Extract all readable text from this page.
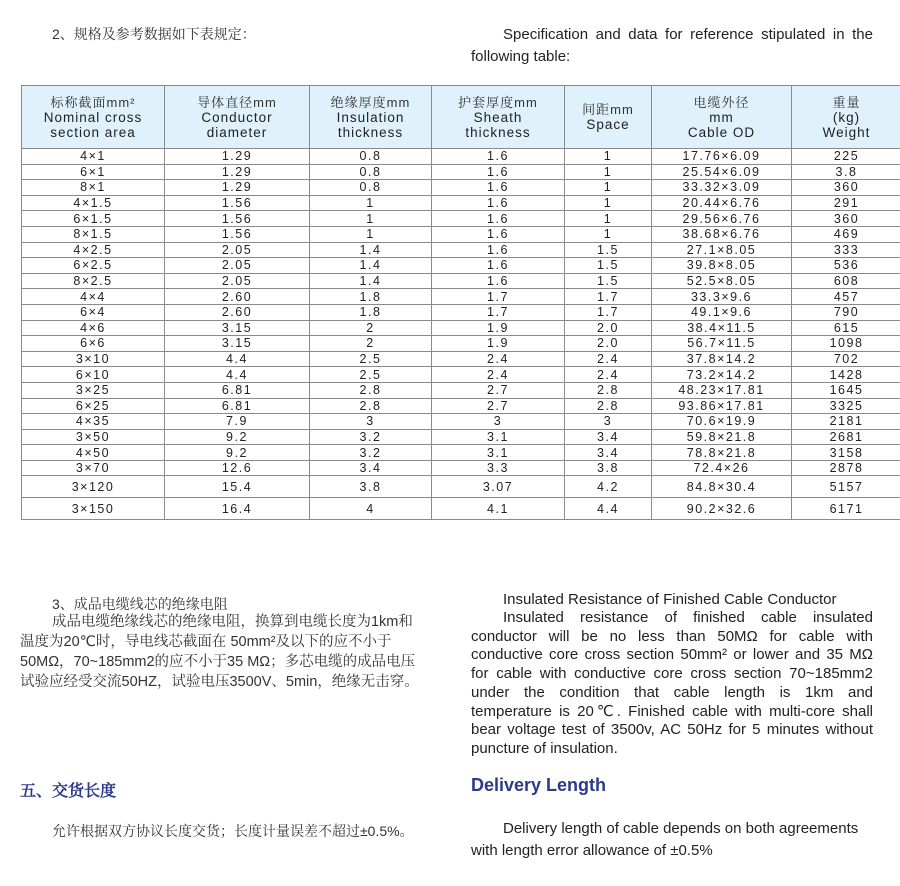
2、规格及参考数据如下表规定：	Specification and data for reference stipulated in the following table:
标称截面mm²
Nominal cross
section area	导体直径mm
Conductor
diameter	绝缘厚度mm
Insulation
thickness	护套厚度mm
Sheath
thickness	间距mm
Space	电缆外径
mm
Cable OD	重量
(kg)
Weight

4×1	1.29	0.8	1.6	1	17.76×6.09	225
6×1	1.29	0.8	1.6	1	25.54×6.09	3.8
8×1	1.29	0.8	1.6	1	33.32×3.09	360
4×1.5	1.56	1	1.6	1	20.44×6.76	291
6×1.5	1.56	1	1.6	1	29.56×6.76	360
8×1.5	1.56	1	1.6	1	38.68×6.76	469
4×2.5	2.05	1.4	1.6	1.5	27.1×8.05	333
6×2.5	2.05	1.4	1.6	1.5	39.8×8.05	536
8×2.5	2.05	1.4	1.6	1.5	52.5×8.05	608
4×4	2.60	1.8	1.7	1.7	33.3×9.6	457
6×4	2.60	1.8	1.7	1.7	49.1×9.6	790
4×6	3.15	2	1.9	2.0	38.4×11.5	615
6×6	3.15	2	1.9	2.0	56.7×11.5	1098
3×10	4.4	2.5	2.4	2.4	37.8×14.2	702
6×10	4.4	2.5	2.4	2.4	73.2×14.2	1428
3×25	6.81	2.8	2.7	2.8	48.23×17.81	1645
6×25	6.81	2.8	2.7	2.8	93.86×17.81	3325
4×35	7.9	3	3	3	70.6×19.9	2181
3×50	9.2	3.2	3.1	3.4	59.8×21.8	2681
4×50	9.2	3.2	3.1	3.4	78.8×21.8	3158
3×70	12.6	3.4	3.3	3.8	72.4×26	2878
3×120	15.4	3.8	3.07	4.2	84.8×30.4	5157
3×150	16.4	4	4.1	4.4	90.2×32.6	6171
3、成品电缆线芯的绝缘电阻
成品电缆绝缘线芯的绝缘电阻，换算到电缆长度为1km和温度为20℃时，导电线芯截面在 50mm²及以下的应不小于50MΩ，70~185mm2的应不小于35 MΩ；多芯电缆的成品电压试验应经受交流50HZ，试验电压3500V、5min，绝缘无击穿。
Insulated Resistance of Finished Cable Conductor
Insulated resistance of finished cable insulated conductor will be no less than 50MΩ for cable with conductive core cross section 50mm² or lower and 35 MΩ for cable with conductive core cross section 70~185mm2 under the condition that cable length is 1km and temperature is 20℃. Finished cable with multi-core shall bear voltage test of 3500v, AC 50Hz for 5 minutes without puncture of insulation.
五、交货长度	Delivery Length
允许根据双方协议长度交货；长度计量误差不超过±0.5%。	Delivery length of cable depends on both agreements with length error allowance of ±0.5%
